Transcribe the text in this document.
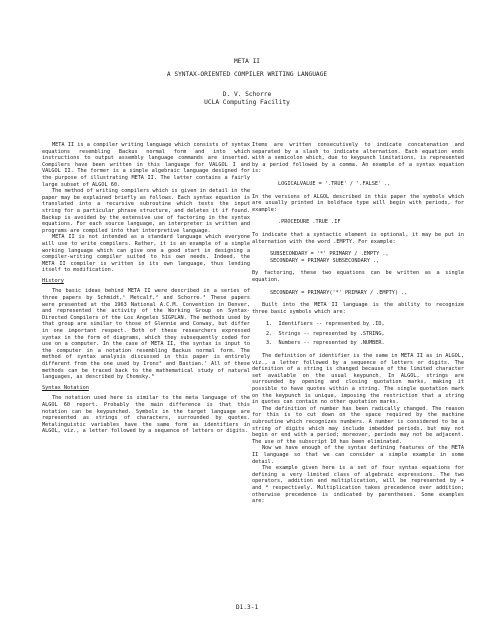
META II
A SYNTAX-ORIENTED COMPILER WRITING LANGUAGE
D. V. Schorre
UCLA Computing Facility

META II is a compiler writing language which consists of syntax equations resembling Backus normal form and into which instructions to output assembly language commands are inserted. Compilers have been written in this language for VALGOL I and VALGOL II. The former is a simple algebraic language designed for the purpose of illustrating META II. The latter contains a fairly large subset of ALGOL 60.

The method of writing compilers which is given in detail in the paper may be explained briefly as follows. Each syntax equation is translated into a recursive subroutine which tests the input string for a particular phrase structure, and deletes it if found. Backup is avoided by the extensive use of factoring in the syntax equations. For each source language, an interpreter is written and programs are compiled into that interpretive language.

META II is not intended as a standard language which everyone will use to write compilers. Rather, it is an example of a simple working language which can give one a good start in designing a compiler-writing compiler suited to his own needs. Indeed, the META II compiler is written in its own language, thus lending itself to modification.

History

The basic ideas behind META II were described in a series of three papers by Schmidt,¹ Metcalf,² and Schorre.³ These papers were presented at the 1963 National A.C.M. Convention in Denver, and represented the activity of the Working Group on Syntax-Directed Compilers of the Los Angeles SIGPLAN. The methods used by that group are similar to those of Glennie and Conway, but differ in one important respect. Both of these researchers expressed syntax in the form of diagrams, which they subsequently coded for use on a computer. In the case of META II, the syntax is input to the computer in a notation resembling Backus normal form. The method of syntax analysis discussed in this paper is entirely different from the one used by Irons⁶ and Bastian.⁷ All of these methods can be traced back to the mathematical study of natural languages, as described by Chomsky.⁸

Syntax Notation

The notation used here is similar to the meta language of the ALGOL 60 report. Probably the main difference is that this notation can be keypunched. Symbols in the target language are represented as strings of characters, surrounded by quotes. Metalinguistic variables have the same form as identifiers in ALGOL, viz., a letter followed by a sequence of letters or digits.

Items are written consecutively to indicate concatenation and separated by a slash to indicate alternation. Each equation ends with a semicolon which, due to keypunch limitations, is represented by a period followed by a comma. An example of a syntax equation is:

LOGICALVALUE = '.TRUE' / '.FALSE' .,

In the versions of ALGOL described in this paper the symbols which are usually printed in boldface type will begin with periods, for example:

.PROCEDURE .TRUE .IF

To indicate that a syntactic element is optional, it may be put in alternation with the word .EMPTY. For example:

SUBSECONDARY = '*' PRIMARY / .EMPTY .,

SECONDARY = PRIMARY SUBSECONDARY .,

By factoring, these two equations can be written as a single equation.

SECONDARY = PRIMARY('*' PRIMARY / .EMPTY) .,

Built into the META II language is the ability to recognize three basic symbols which are:

1.  Identifiers -- represented by .ID,

2.  Strings -- represented by .STRING,

3.  Numbers -- represented by .NUMBER.

The definition of identifier is the same in META II as in ALGOL, viz., a letter followed by a sequence of letters or digits. The definition of a string is changed because of the limited character set available on the usual keypunch. In ALGOL, strings are surrounded by opening and closing quotation marks, making it possible to have quotes within a string. The single quotation mark on the keypunch is unique, imposing the restriction that a string in quotes can contain no other quotation marks.

The definition of number has been radically changed. The reason for this is to cut down on the space required by the machine subroutine which recognizes numbers. A number is considered to be a string of digits which may include imbedded periods, but may not begin or end with a period; moreover, periods may not be adjacent. The use of the subscript 10 has been eliminated.

Now we have enough of the syntax defining features of the META II language so that we can consider a simple example in some detail.

The example given here is a set of four syntax equations for defining a very limited class of algebraic expressions. The two operators, addition and multiplication, will be represented by + and * respectively. Multiplication takes precedence over addition; otherwise precedence is indicated by parentheses. Some examples are:

D1.3-1
